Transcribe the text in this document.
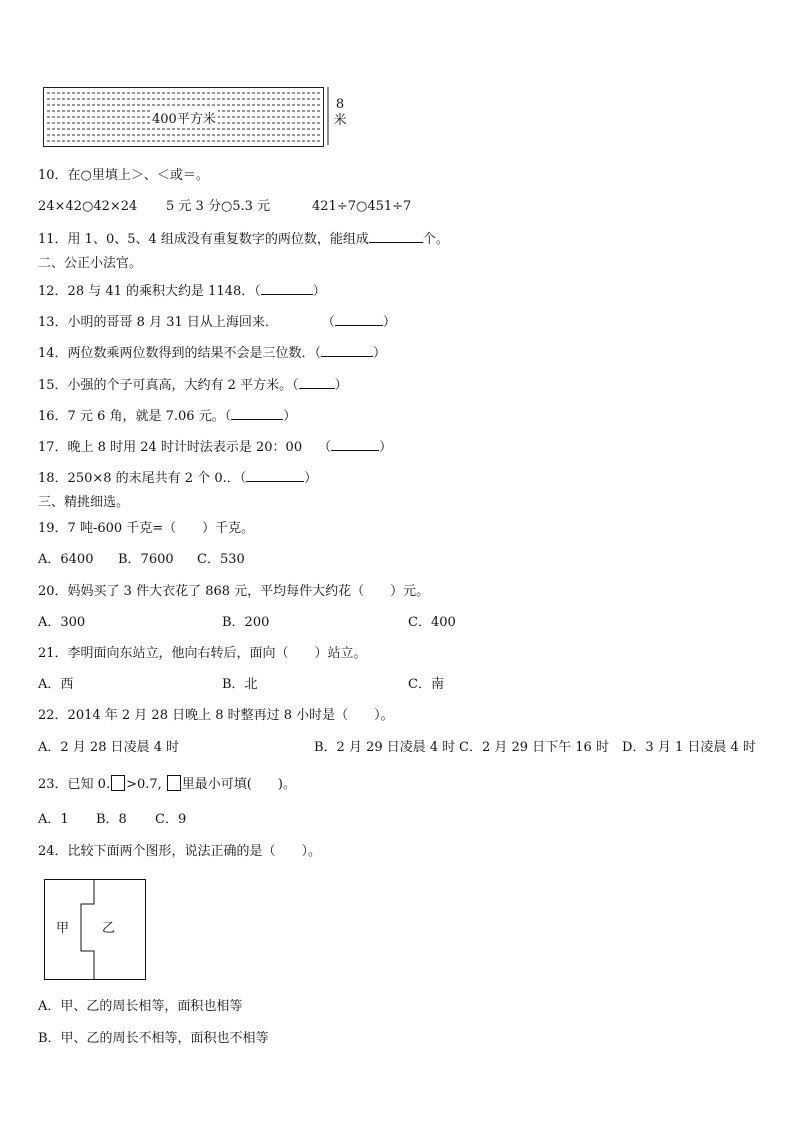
400平方米
8
米
10．在○里填上＞、＜或＝。
24×42○42×24 5 元 3 分○5.3 元	421÷7○451÷7
11．用 1、0、5、4 组成没有重复数字的两位数，能组成	个。
二、公正小法官。
12．28 与 41 的乘积大约是 1148．（	）
13．小明的哥哥 8 月 31 日从上海回来．	（	）
14．两位数乘两位数得到的结果不会是三位数．（	）
15．小强的个子可真高，大约有 2 平方米。（	）
16．7 元 6 角，就是 7.06 元。（	）
17．晚上 8 时用 24 时计时法表示是 20：00 （	）
18．250×8 的末尾共有 2 个 0.．（	）
三、精挑细选。
19．7 吨-600 千克=（　　）千克。
A．6400 B．7600 C．530
20．妈妈买了 3 件大衣花了 868 元，平均每件大约花（　　）元。
A．300	B．200	C．400
21．李明面向东站立，他向右转后，面向（　　）站立。
A．西	B．北	C．南
22．2014 年 2 月 28 日晚上 8 时整再过 8 小时是（　　）。
A．2 月 28 日凌晨 4 时	B．2 月 29 日凌晨 4 时 C．2 月 29 日下午 16 时 D．3 月 1 日凌晨 4 时
23．已知 0. >0.7, 里最小可填(　　)。
A．1 B．8 C．9
24．比较下面两个图形，说法正确的是（　　）。
甲	乙
A．甲、乙的周长相等，面积也相等
B．甲、乙的周长不相等，面积也不相等
